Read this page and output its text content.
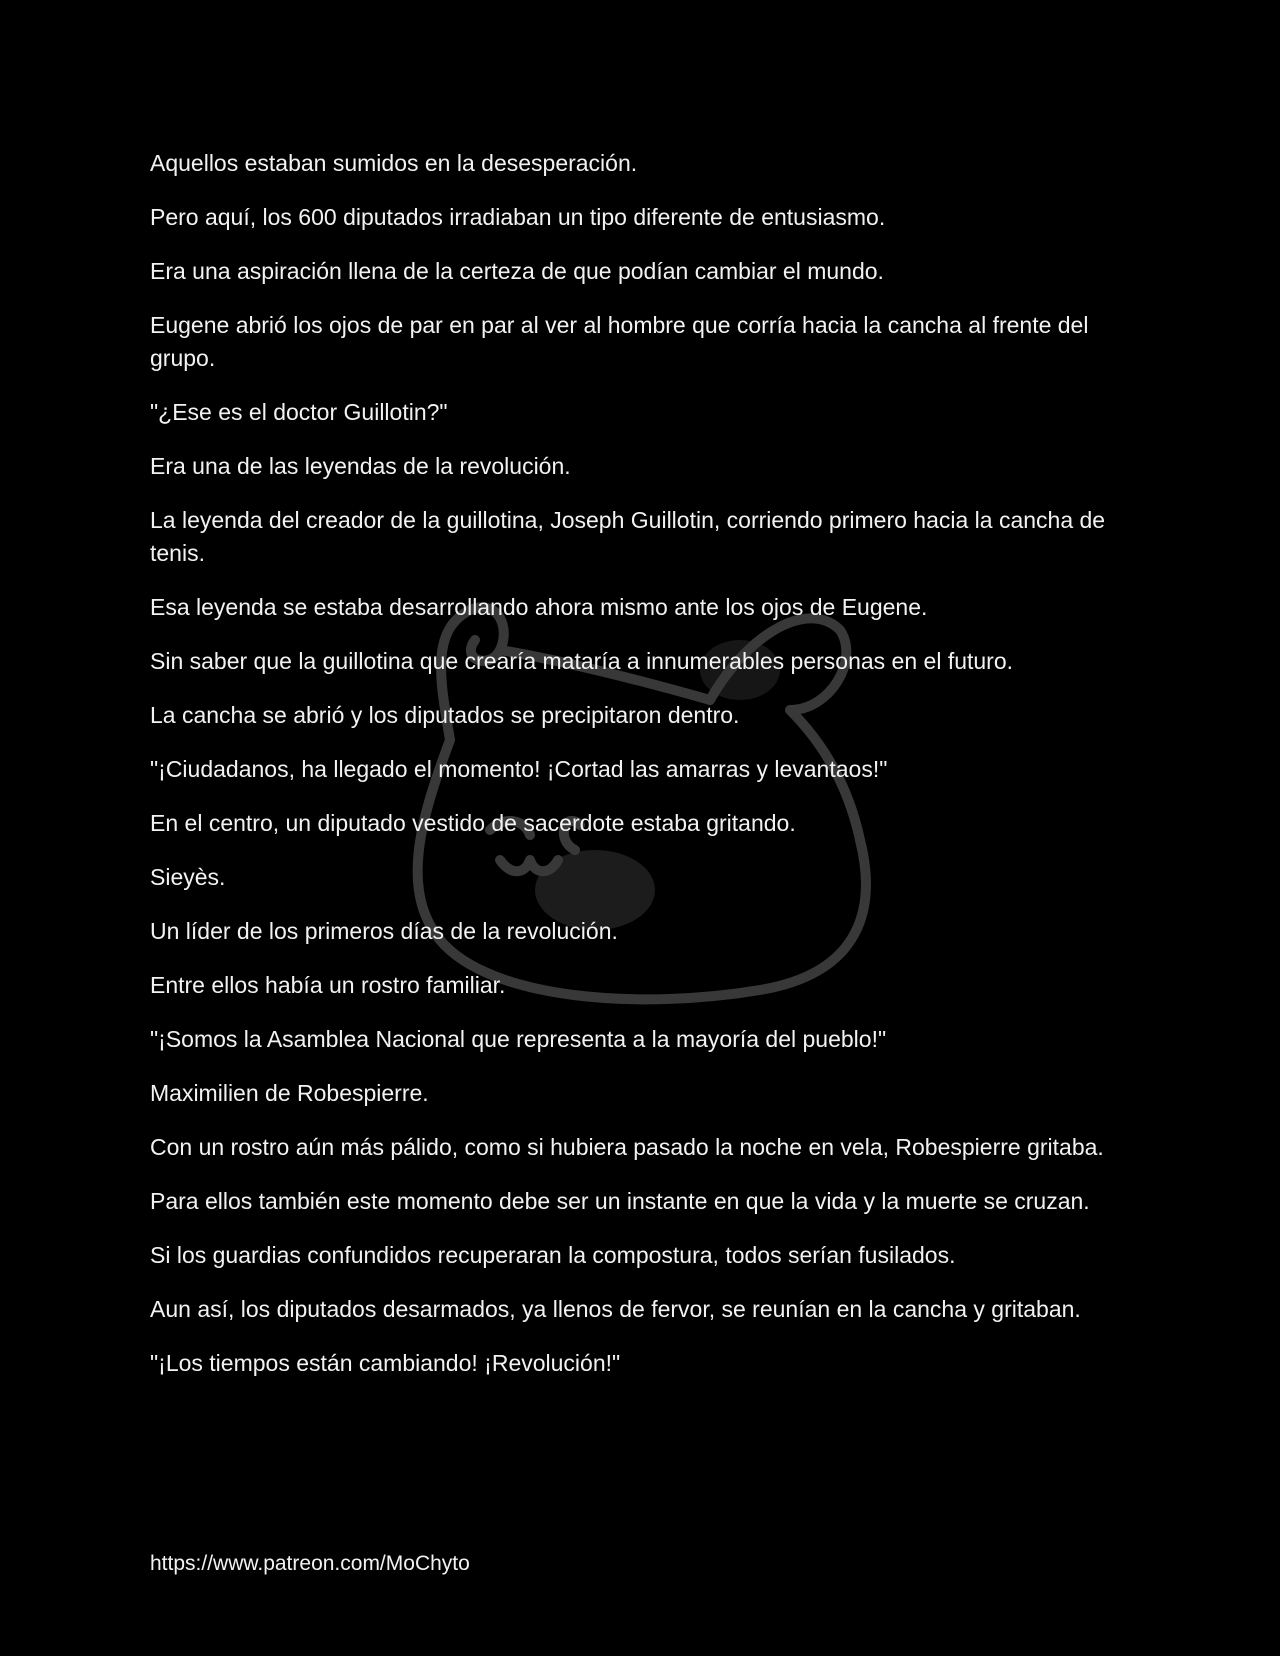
Aquellos estaban sumidos en la desesperación.

Pero aquí, los 600 diputados irradiaban un tipo diferente de entusiasmo.

Era una aspiración llena de la certeza de que podían cambiar el mundo.

Eugene abrió los ojos de par en par al ver al hombre que corría hacia la cancha al frente del grupo.

"¿Ese es el doctor Guillotin?"

Era una de las leyendas de la revolución.

La leyenda del creador de la guillotina, Joseph Guillotin, corriendo primero hacia la cancha de tenis.

Esa leyenda se estaba desarrollando ahora mismo ante los ojos de Eugene.

Sin saber que la guillotina que crearía mataría a innumerables personas en el futuro.

La cancha se abrió y los diputados se precipitaron dentro.

"¡Ciudadanos, ha llegado el momento! ¡Cortad las amarras y levantaos!"

En el centro, un diputado vestido de sacerdote estaba gritando.

Sieyès.

Un líder de los primeros días de la revolución.

Entre ellos había un rostro familiar.

"¡Somos la Asamblea Nacional que representa a la mayoría del pueblo!"

Maximilien de Robespierre.

Con un rostro aún más pálido, como si hubiera pasado la noche en vela, Robespierre gritaba.

Para ellos también este momento debe ser un instante en que la vida y la muerte se cruzan.

Si los guardias confundidos recuperaran la compostura, todos serían fusilados.

Aun así, los diputados desarmados, ya llenos de fervor, se reunían en la cancha y gritaban.

"¡Los tiempos están cambiando! ¡Revolución!"

https://www.patreon.com/MoChyto
